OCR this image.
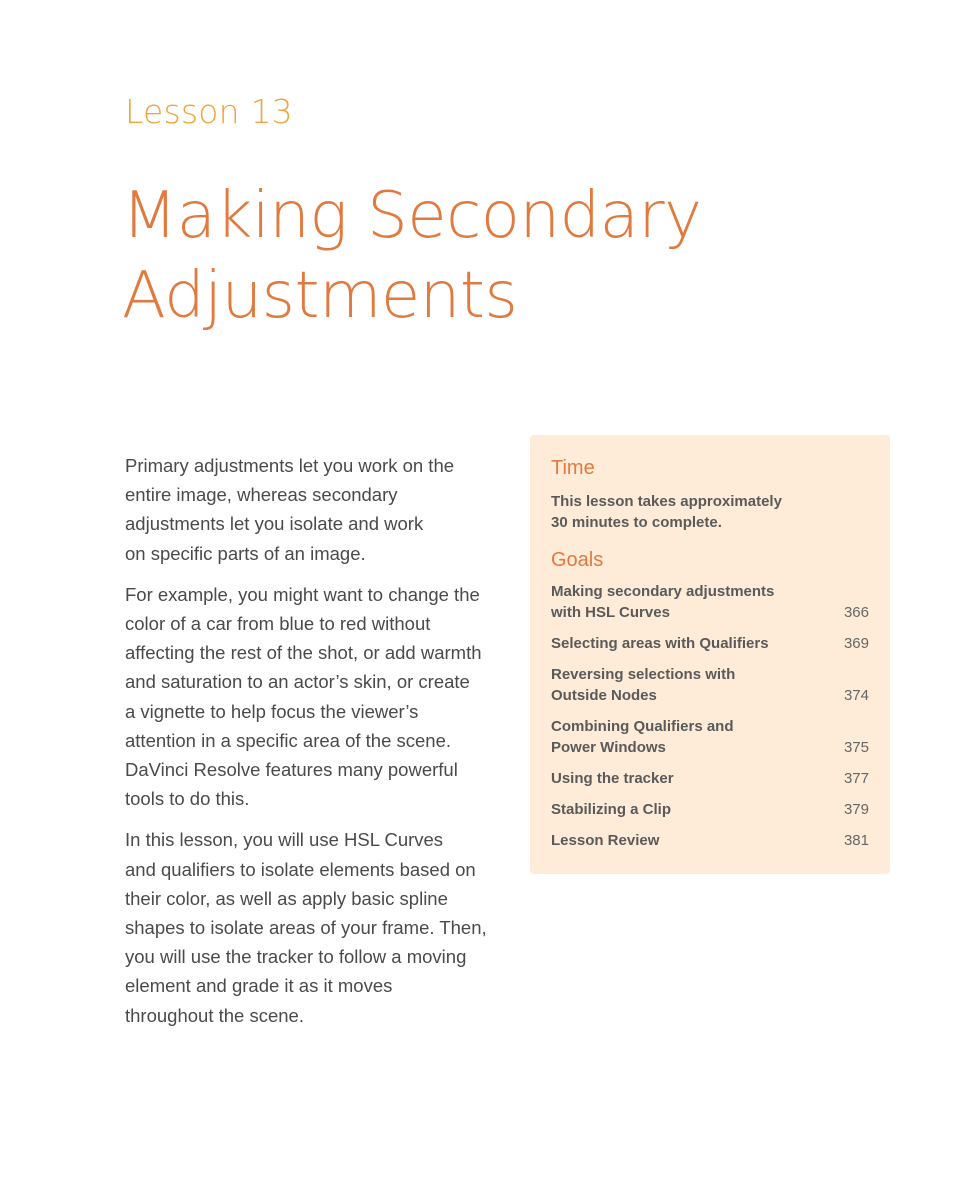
Lesson 13
Making Secondary
Adjustments

Primary adjustments let you work on the
entire image, whereas secondary
adjustments let you isolate and work
on specific parts of an image.

For example, you might want to change the
color of a car from blue to red without
affecting the rest of the shot, or add warmth
and saturation to an actor’s skin, or create
a vignette to help focus the viewer’s
attention in a specific area of the scene.
DaVinci Resolve features many powerful
tools to do this.

In this lesson, you will use HSL Curves
and qualifiers to isolate elements based on
their color, as well as apply basic spline
shapes to isolate areas of your frame. Then,
you will use the tracker to follow a moving
element and grade it as it moves
throughout the scene.

Time

This lesson takes approximately
30 minutes to complete.

Goals
Making secondary adjustments
with HSL Curves	366
Selecting areas with Qualifiers	369
Reversing selections with
Outside Nodes	374
Combining Qualifiers and
Power Windows	375
Using the tracker	377
Stabilizing a Clip	379
Lesson Review	381
